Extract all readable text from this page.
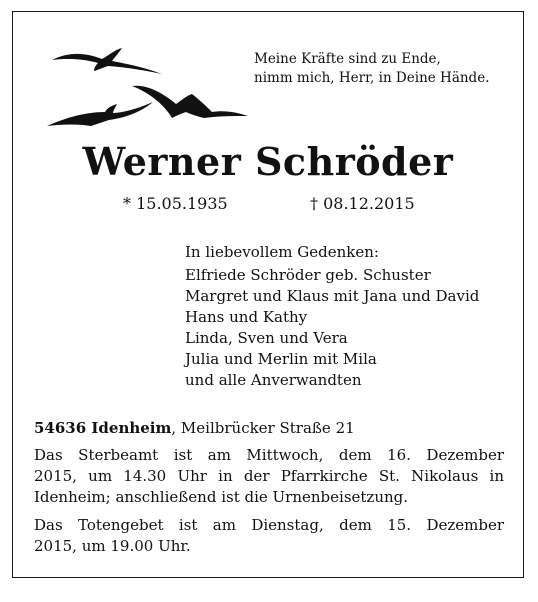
Meine Kräfte sind zu Ende,
nimm mich, Herr, in Deine Hände.
Werner Schröder
* 15.05.1935	† 08.12.2015
In liebevollem Gedenken:
Elfriede Schröder geb. Schuster
Margret und Klaus mit Jana und David
Hans und Kathy
Linda, Sven und Vera
Julia und Merlin mit Mila
und alle Anverwandten
54636 Idenheim, Meilbrücker Straße 21
Das Sterbeamt ist am Mittwoch, dem 16. Dezember
2015, um 14.30 Uhr in der Pfarrkirche St. Nikolaus in
Idenheim; anschließend ist die Urnenbeisetzung.
Das Totengebet ist am Dienstag, dem 15. Dezember
2015, um 19.00 Uhr.
